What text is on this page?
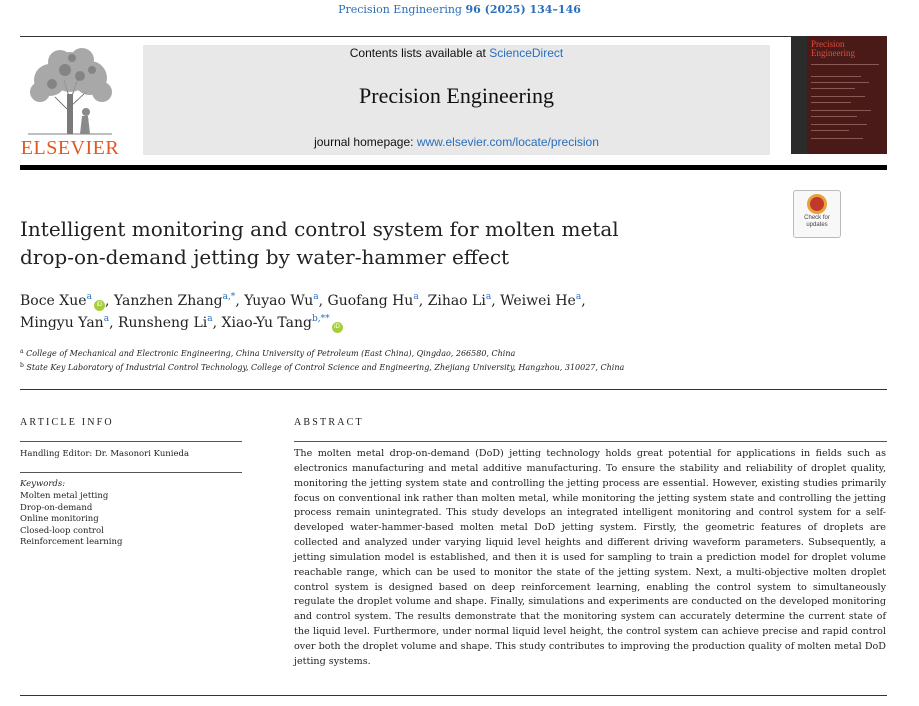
Precision Engineering 96 (2025) 134–146
ELSEVIER
Contents lists available at ScienceDirect
Precision Engineering
journal homepage: www.elsevier.com/locate/precision
Precision
Engineering
Check for
updates
Intelligent monitoring and control system for molten metal
drop-on-demand jetting by water-hammer effect
Boce Xue$^a$iD , Yanzhen Zhang$^{a,*}$, Yuyao Wu$^a$, Guofang Hu$^a$, Zihao Li$^a$, Weiwei He$^a$,
Mingyu Yan$^a$, Runsheng Li$^a$, Xiao-Yu Tang$^{b,**}$iD
$^a$ College of Mechanical and Electronic Engineering, China University of Petroleum (East China), Qingdao, 266580, China
$^b$ State Key Laboratory of Industrial Control Technology, College of Control Science and Engineering, Zhejiang University, Hangzhou, 310027, China
ARTICLE INFO	ABSTRACT
Handling Editor: Dr. Masonori Kunieda
Keywords:
Molten metal jetting
Drop-on-demand
Online monitoring
Closed-loop control
Reinforcement learning
The molten metal drop-on-demand (DoD) jetting technology holds great potential for applications in fields such as electronics manufacturing and metal additive manufacturing. To ensure the stability and reliability of droplet quality, monitoring the jetting system state and controlling the jetting process are essential. However, existing studies primarily focus on conventional ink rather than molten metal, while monitoring the jetting system state and controlling the jetting process remain unintegrated. This study develops an integrated intelligent monitoring and control system for a self-developed water-hammer-based molten metal DoD jetting system. Firstly, the geometric features of droplets are collected and analyzed under varying liquid level heights and different driving waveform parameters. Subsequently, a jetting simulation model is established, and then it is used for sampling to train a prediction model for droplet volume reachable range, which can be used to monitor the state of the jetting system. Next, a multi-objective molten droplet control system is designed based on deep reinforcement learning, enabling the control system to simultaneously regulate the droplet volume and shape. Finally, simulations and experiments are conducted on the developed monitoring and control system. The results demonstrate that the monitoring system can accurately determine the current state of the liquid level. Furthermore, under normal liquid level height, the control system can achieve precise and rapid control over both the droplet volume and shape. This study contributes to improving the production quality of molten metal DoD jetting systems.
